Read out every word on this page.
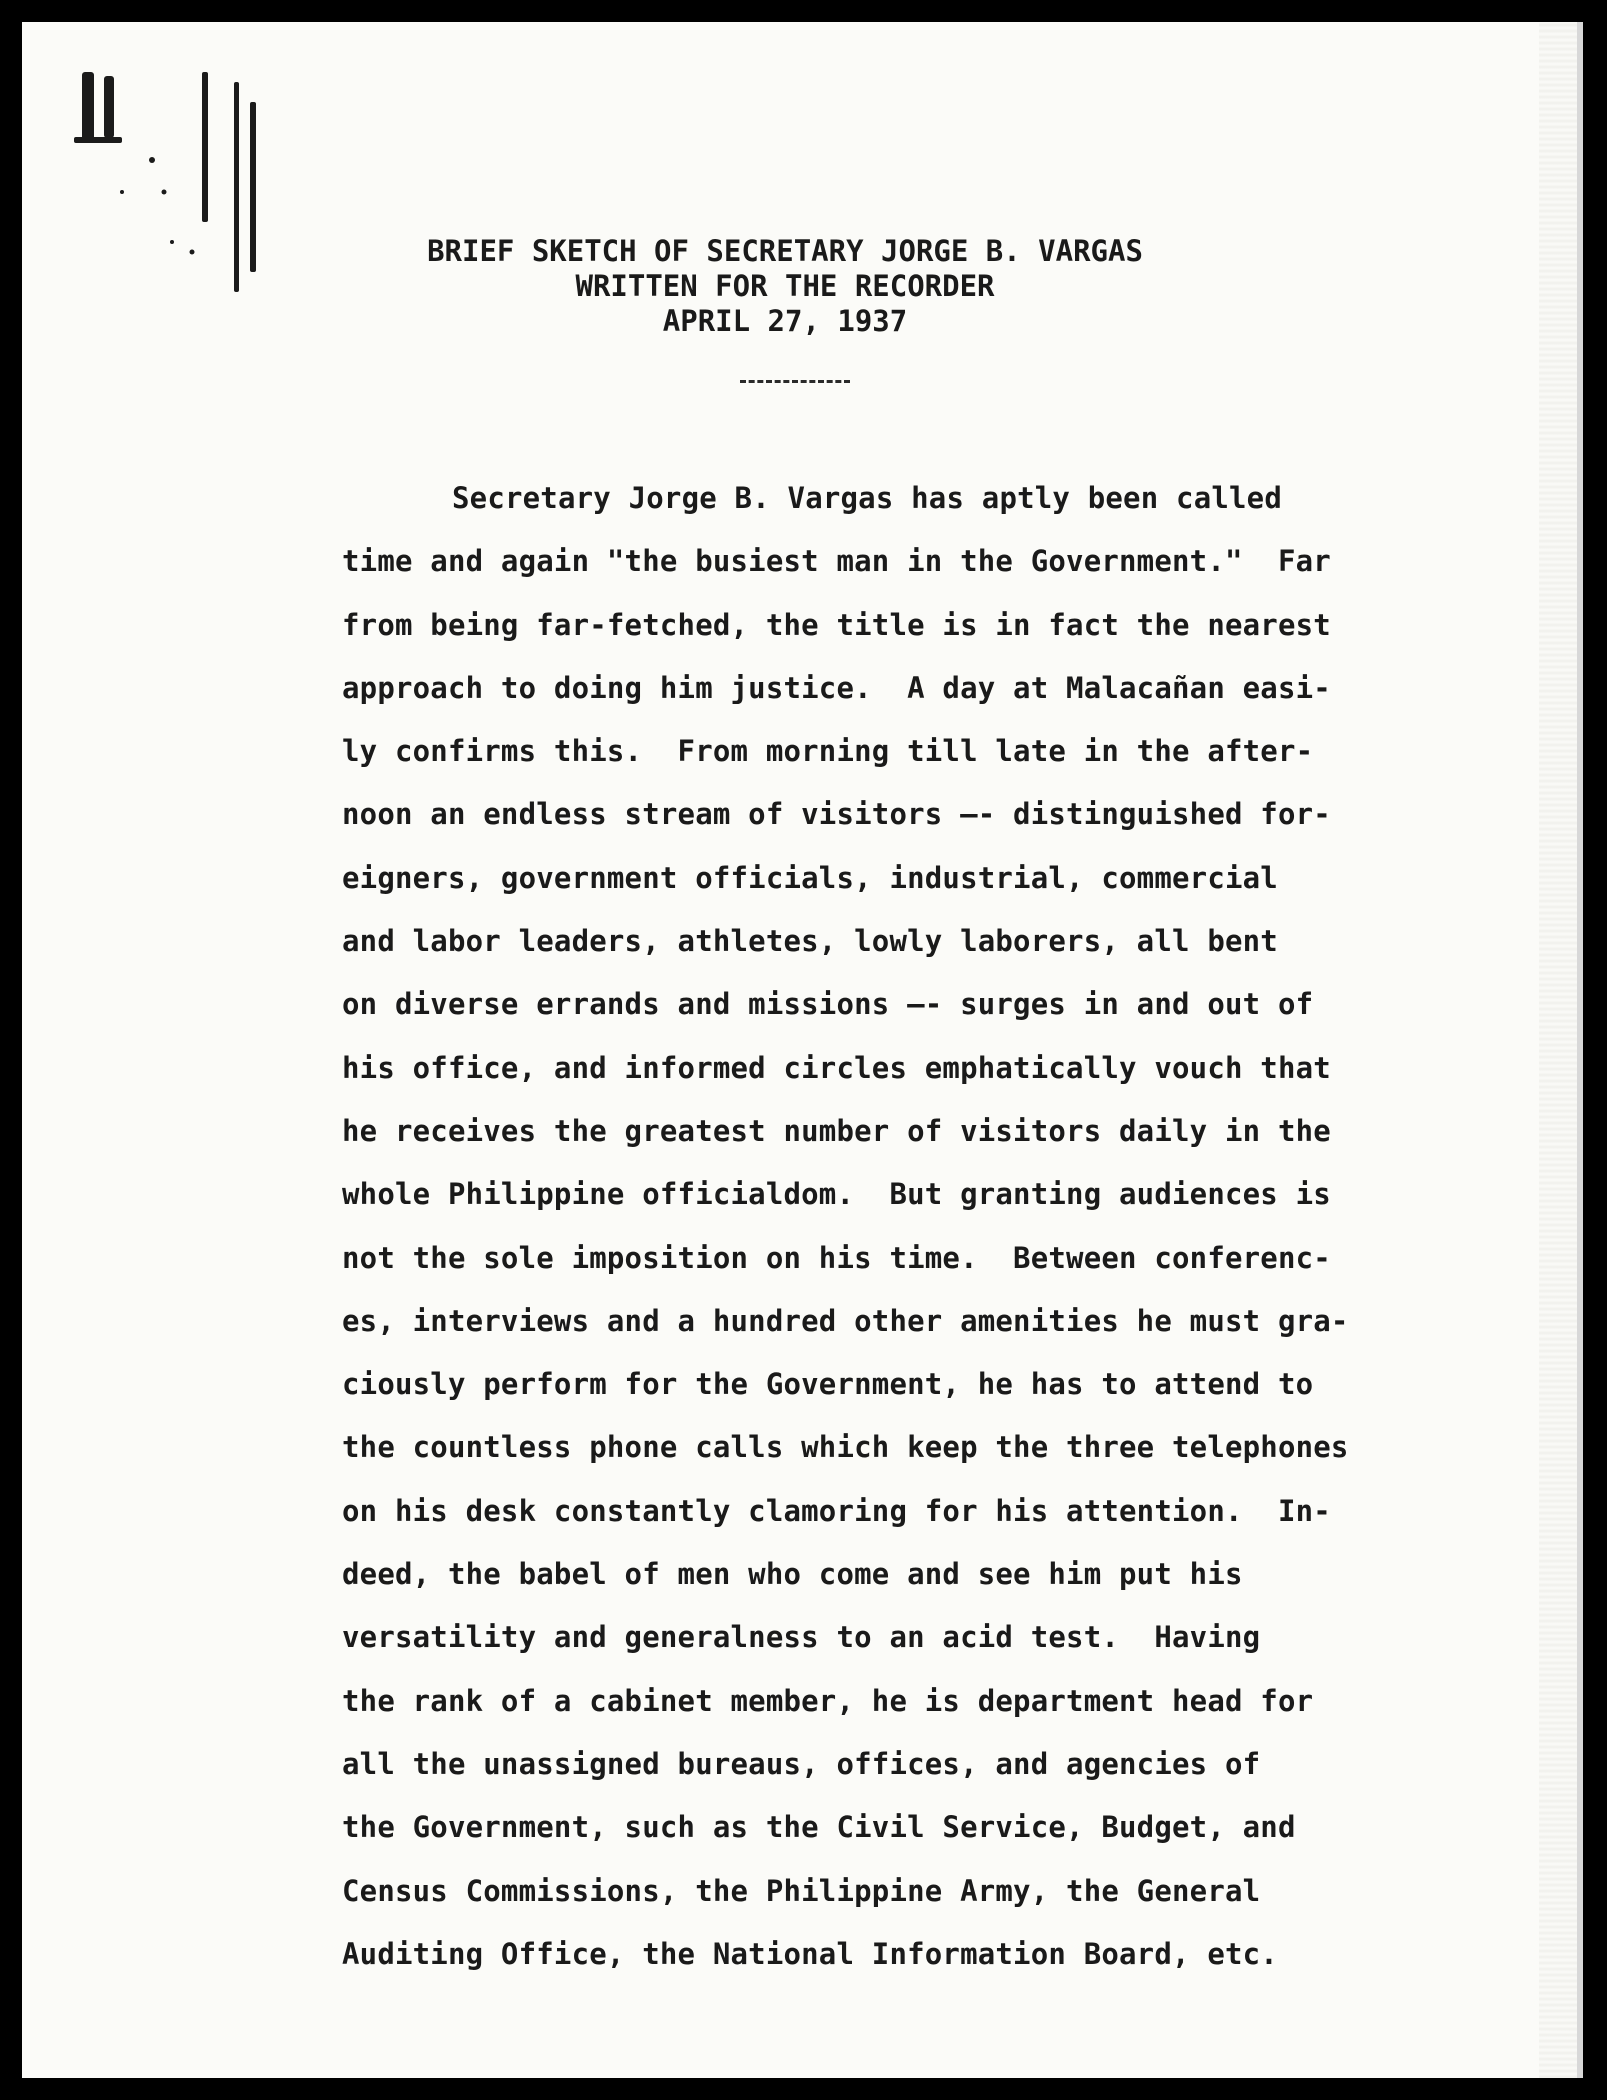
BRIEF SKETCH OF SECRETARY JORGE B. VARGAS
WRITTEN FOR THE RECORDER
APRIL 27, 1937
Secretary Jorge B. Vargas has aptly been called
time and again "the busiest man in the Government."  Far
from being far-fetched, the title is in fact the nearest
approach to doing him justice.  A day at Malacañan easi-
ly confirms this.  From morning till late in the after-
noon an endless stream of visitors —- distinguished for-
eigners, government officials, industrial, commercial
and labor leaders, athletes, lowly laborers, all bent
on diverse errands and missions —- surges in and out of
his office, and informed circles emphatically vouch that
he receives the greatest number of visitors daily in the
whole Philippine officialdom.  But granting audiences is
not the sole imposition on his time.  Between conferenc-
es, interviews and a hundred other amenities he must gra-
ciously perform for the Government, he has to attend to
the countless phone calls which keep the three telephones
on his desk constantly clamoring for his attention.  In-
deed, the babel of men who come and see him put his
versatility and generalness to an acid test.  Having
the rank of a cabinet member, he is department head for
all the unassigned bureaus, offices, and agencies of
the Government, such as the Civil Service, Budget, and
Census Commissions, the Philippine Army, the General
Auditing Office, the National Information Board, etc.
